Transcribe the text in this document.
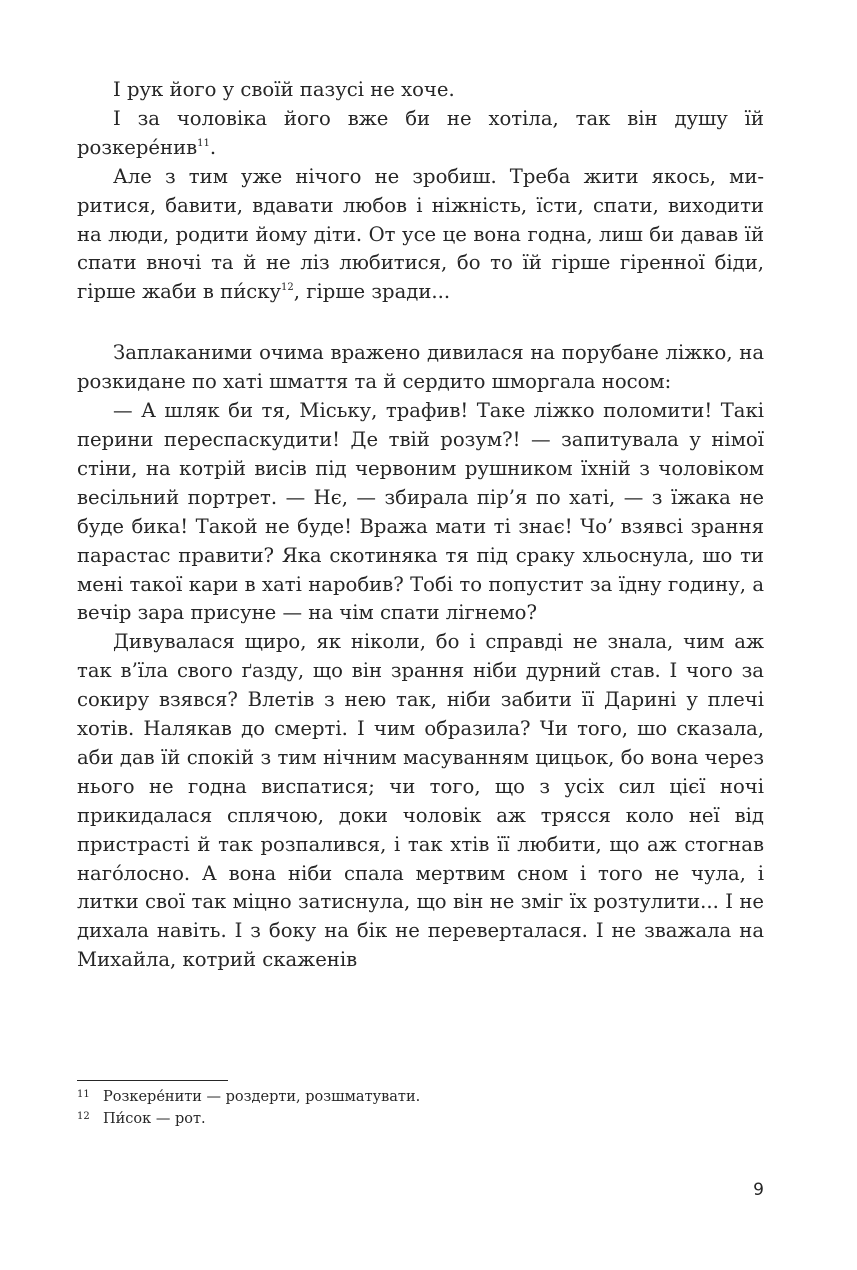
І рук його у своїй пазусі не хоче.

І за чоловіка його вже би не хотіла, так він душу їй розкере́нив$^{11}$.

Але з тим уже нічого не зробиш. Треба жити якось, миритися, бавити, вдавати любов і ніжність, їсти, спати, виходити на люди, родити йому діти. От усе це вона годна, лиш би давав їй спати вночі та й не ліз любитися, бо то їй гірше гіренної біди, гірше жаби в пи́ску$^{12}$, гірше зради...

Заплаканими очима вражено дивилася на порубане ліжко, на розкидане по хаті шмаття та й сердито шморгала носом:

— А шляк би тя, Міську, трафив! Таке ліжко поломити! Такі перини переспаскудити! Де твій розум?! — запитувала у німої стіни, на котрій висів під червоним рушником їхній з чоловіком весільний портрет. — Нє, — збирала пір’я по хаті, — з їжака не буде бика! Такой не буде! Вража мати ті знає! Чо’ взявсі зрання парастас правити? Яка скотиняка тя під сраку хльоснула, шо ти мені такої кари в хаті наробив? Тобі то попустит за їдну годину, а вечір зара присуне — на чім спати лігнемо?

Дивувалася щиро, як ніколи, бо і справді не знала, чим аж так в’їла свого ґазду, що він зрання ніби дурний став. І чого за сокиру взявся? Влетів з нею так, ніби забити її Дарині у плечі хотів. Налякав до смерті. І чим образила? Чи того, шо сказала, аби дав їй спокій з тим нічним масуванням цицьок, бо вона через нього не годна виспатися; чи того, що з усіх сил цієї ночі прикидалася сплячою, доки чоловік аж трясся коло неї від пристрасті й так розпалився, і так хтів її любити, що аж стогнав наго́лосно. А вона ніби спала мертвим сном і того не чула, і литки свої так міцно затиснула, що він не зміг їх розтулити... І не дихала навіть. І з боку на бік не переверталася. І не зважала на Михайла, котрий скаженів

11 Розкере́нити — роздерти, розшматувати.
12 Пи́сок — рот.
9
